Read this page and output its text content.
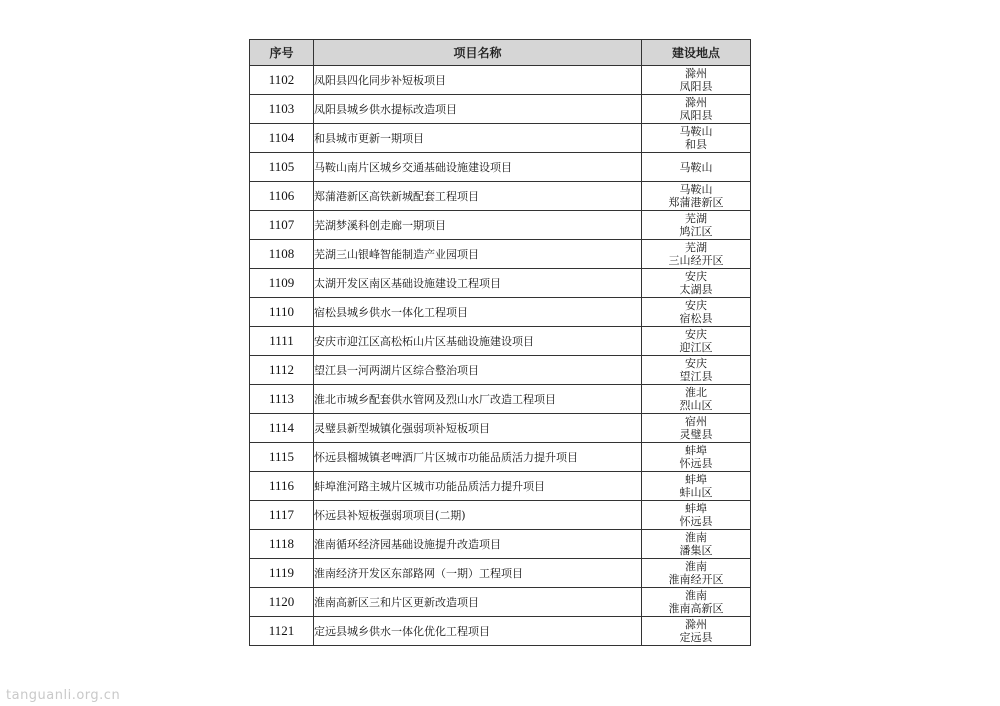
序号	项目名称	建设地点
1102	凤阳县四化同步补短板项目	滁州
凤阳县

1103	凤阳县城乡供水提标改造项目	滁州
凤阳县

1104	和县城市更新一期项目	马鞍山
和县

1105	马鞍山南片区城乡交通基础设施建设项目	马鞍山

1106	郑蒲港新区高铁新城配套工程项目	马鞍山
郑蒲港新区

1107	芜湖梦溪科创走廊一期项目	芜湖
鸠江区

1108	芜湖三山银峰智能制造产业园项目	芜湖
三山经开区

1109	太湖开发区南区基础设施建设工程项目	安庆
太湖县

1110	宿松县城乡供水一体化工程项目	安庆
宿松县

1111	安庆市迎江区高松柘山片区基础设施建设项目	安庆
迎江区

1112	望江县一河两湖片区综合整治项目	安庆
望江县

1113	淮北市城乡配套供水管网及烈山水厂改造工程项目	淮北
烈山区

1114	灵璧县新型城镇化强弱项补短板项目	宿州
灵璧县

1115	怀远县榴城镇老啤酒厂片区城市功能品质活力提升项目	蚌埠
怀远县

1116	蚌埠淮河路主城片区城市功能品质活力提升项目	蚌埠
蚌山区

1117	怀远县补短板强弱项项目(二期)	蚌埠
怀远县

1118	淮南循环经济园基础设施提升改造项目	淮南
潘集区

1119	淮南经济开发区东部路网（一期）工程项目	淮南
淮南经开区

1120	淮南高新区三和片区更新改造项目	淮南
淮南高新区

1121	定远县城乡供水一体化优化工程项目	滁州
定远县
tanguanli.org.cn
